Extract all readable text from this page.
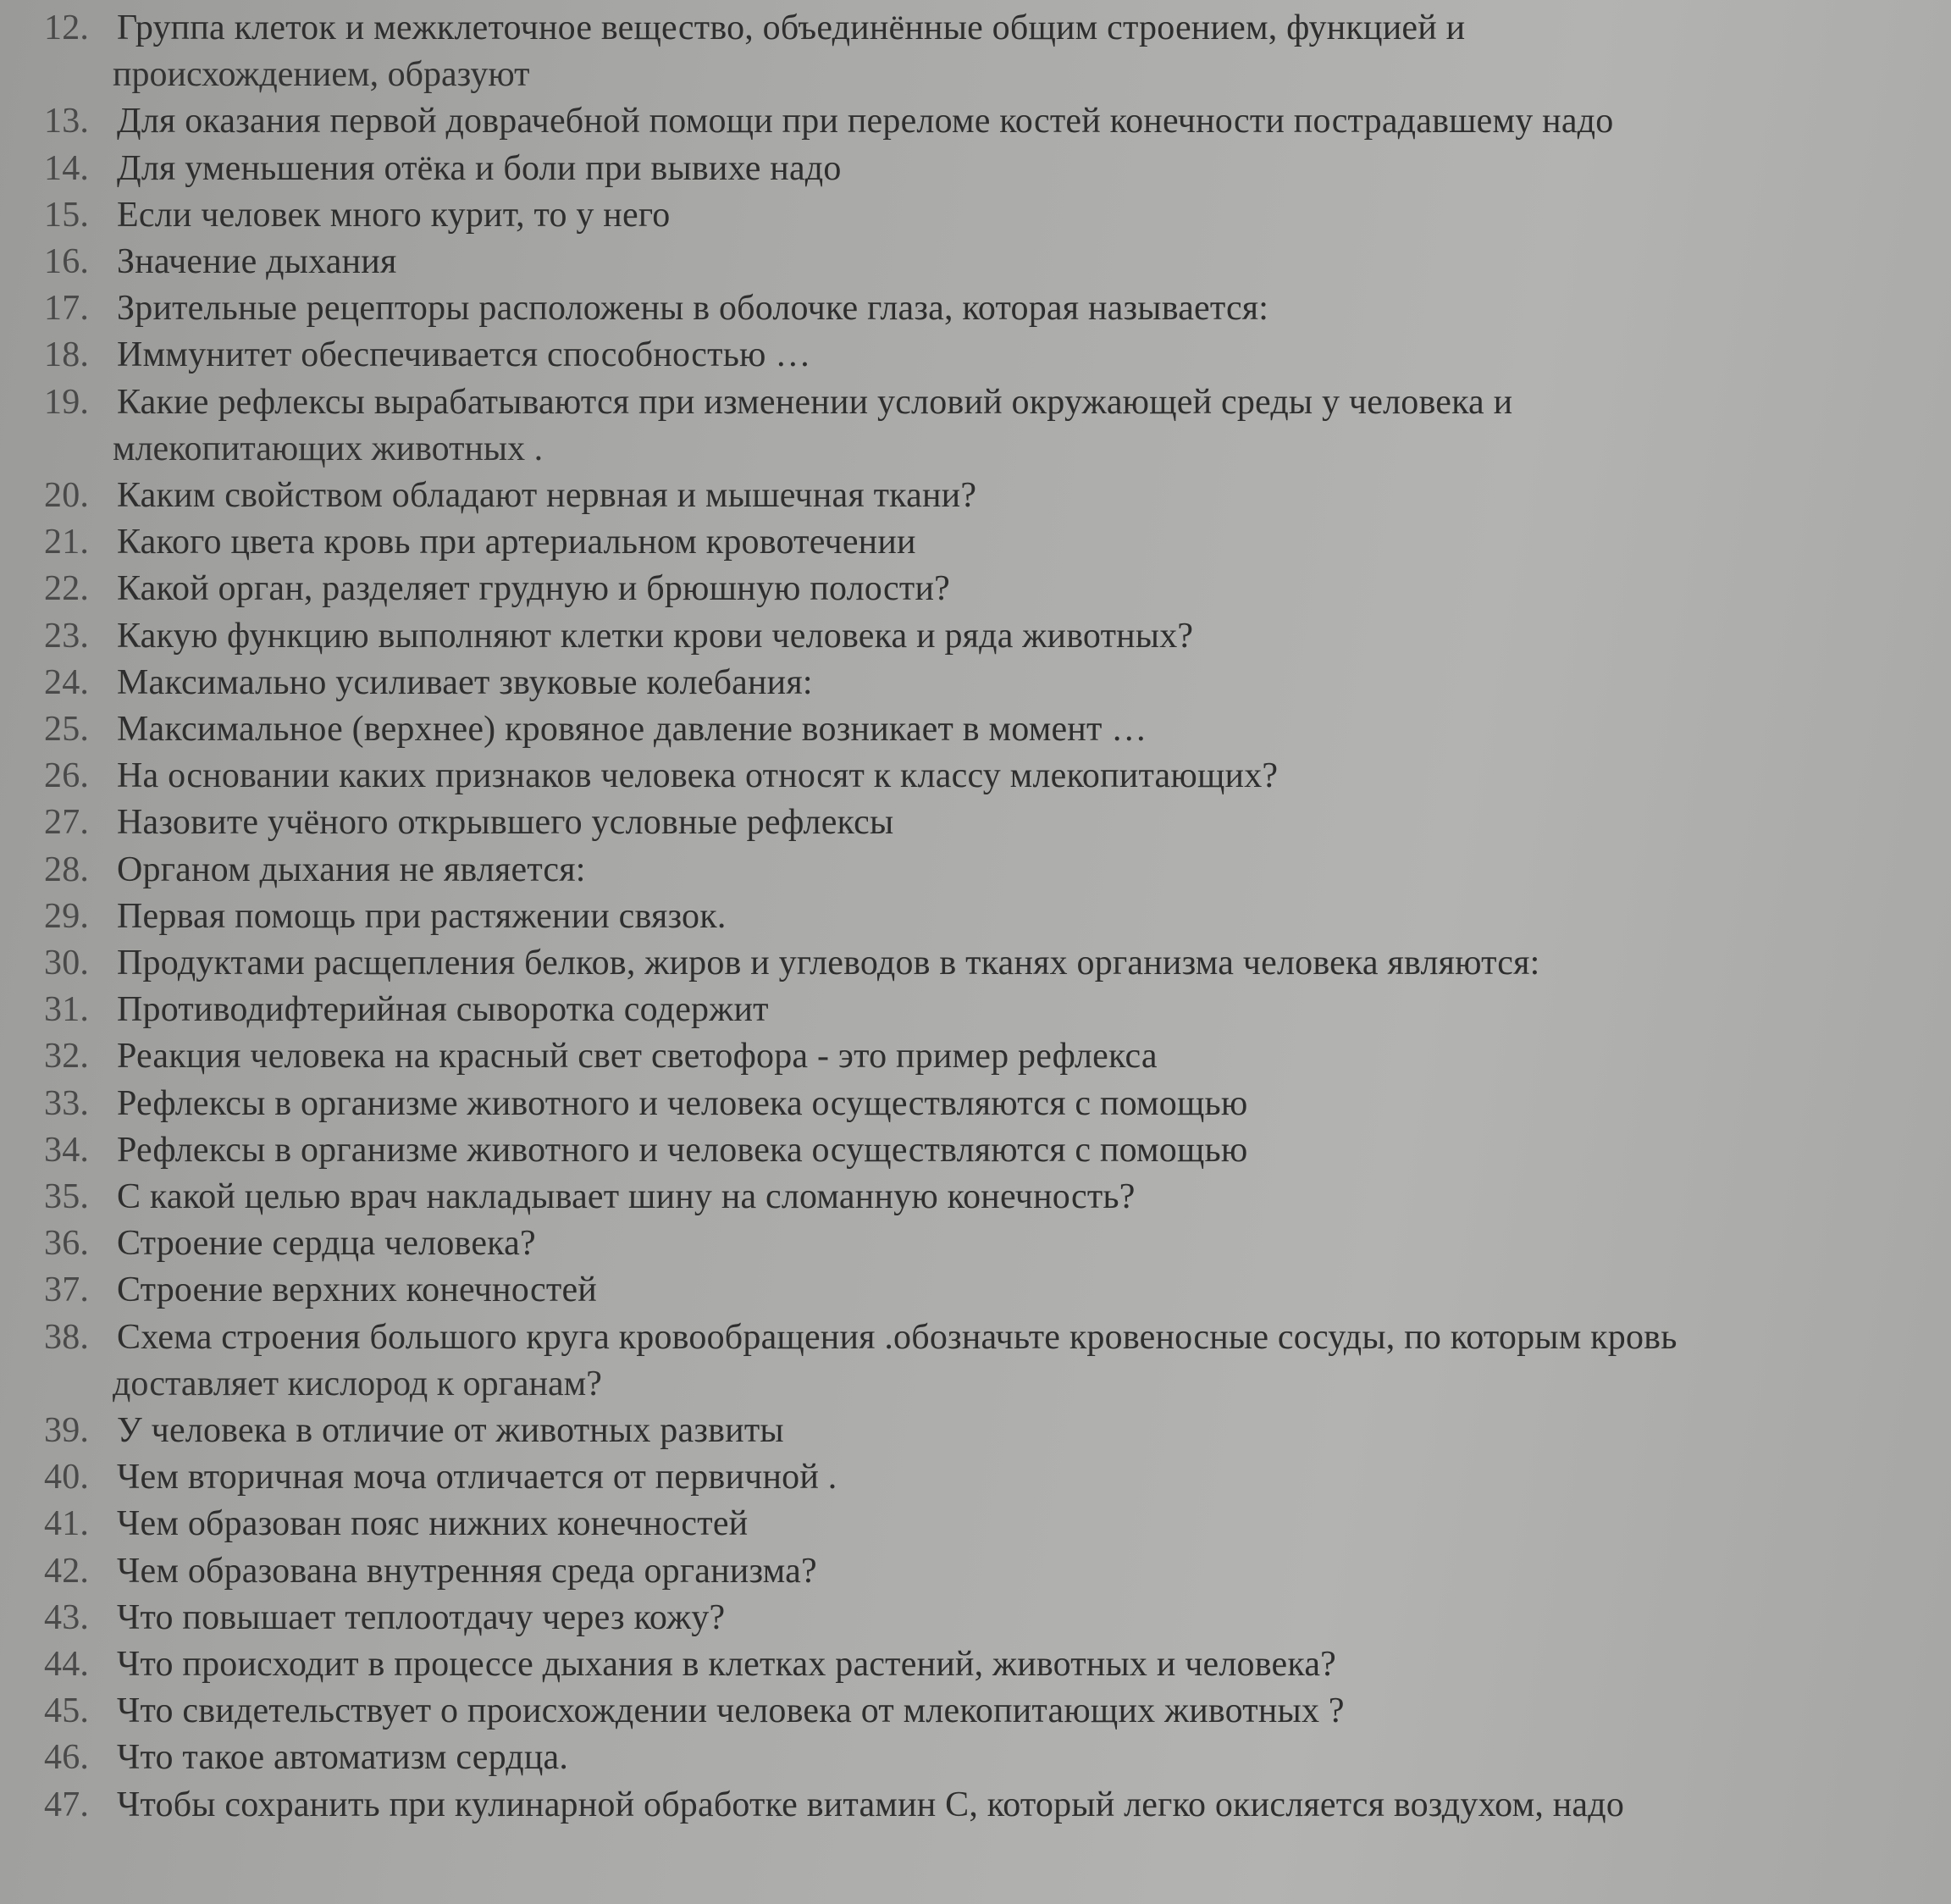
12. Группа клеток и межклеточное вещество, объединённые общим строением, функцией и
происхождением, образуют
13. Для оказания первой доврачебной помощи при переломе костей конечности пострадавшему надо
14. Для уменьшения отёка и боли при вывихе надо
15. Если человек много курит, то у него
16. Значение дыхания
17. Зрительные рецепторы расположены в оболочке глаза, которая называется:
18. Иммунитет обеспечивается способностью …
19. Какие рефлексы вырабатываются при изменении условий окружающей среды у человека и
млекопитающих животных .
20. Каким свойством обладают нервная и мышечная ткани?
21. Какого цвета кровь при артериальном кровотечении
22. Какой орган, разделяет грудную и брюшную полости?
23. Какую функцию выполняют клетки крови человека и ряда животных?
24. Максимально усиливает звуковые колебания:
25. Максимальное (верхнее) кровяное давление возникает в момент …
26. На основании каких признаков человека относят к классу млекопитающих?
27. Назовите учёного открывшего условные рефлексы
28. Органом дыхания не является:
29. Первая помощь при растяжении связок.
30. Продуктами расщепления белков, жиров и углеводов в тканях организма человека являются:
31. Противодифтерийная сыворотка содержит
32. Реакция человека на красный свет светофора - это пример рефлекса
33. Рефлексы в организме животного и человека осуществляются с помощью
34. Рефлексы в организме животного и человека осуществляются с помощью
35. С какой целью врач накладывает шину на сломанную конечность?
36. Строение сердца человека?
37. Строение верхних конечностей
38. Схема строения большого круга кровообращения .обозначьте кровеносные сосуды, по которым кровь
доставляет кислород к органам?
39. У человека в отличие от животных развиты
40. Чем вторичная моча отличается от первичной .
41. Чем образован пояс нижних конечностей
42. Чем образована внутренняя среда организма?
43. Что повышает теплоотдачу через кожу?
44. Что происходит в процессе дыхания в клетках растений, животных и человека?
45. Что свидетельствует о происхождении человека от млекопитающих животных ?
46. Что такое автоматизм сердца.
47. Чтобы сохранить при кулинарной обработке витамин С, который легко окисляется воздухом, надо
